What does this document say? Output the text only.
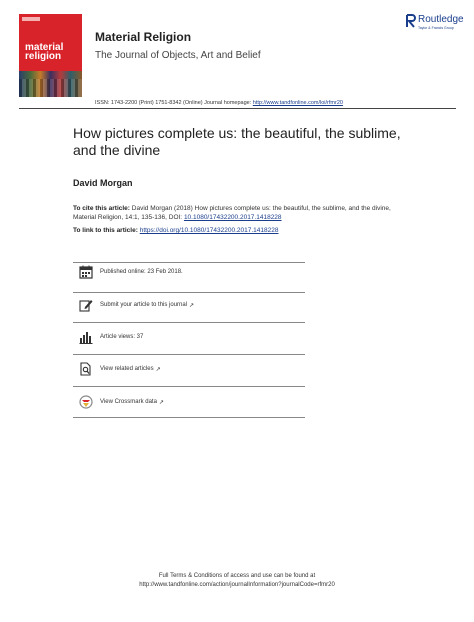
material
religion
Material Religion
The Journal of Objects, Art and Belief
Routledge
Taylor & Francis Group
ISSN: 1743-2200 (Print) 1751-8342 (Online) Journal homepage: http://www.tandfonline.com/loi/rfmr20
How pictures complete us: the beautiful, the sublime, and the divine
David Morgan
To cite this article: David Morgan (2018) How pictures complete us: the beautiful, the sublime, and the divine, Material Religion, 14:1, 135-136, DOI: 10.1080/17432200.2017.1418228
To link to this article: https://doi.org/10.1080/17432200.2017.1418228
Published online: 23 Feb 2018.
Submit your article to this journal ↗
Article views: 37
View related articles ↗
View Crossmark data ↗
Full Terms & Conditions of access and use can be found at
http://www.tandfonline.com/action/journalInformation?journalCode=rfmr20
